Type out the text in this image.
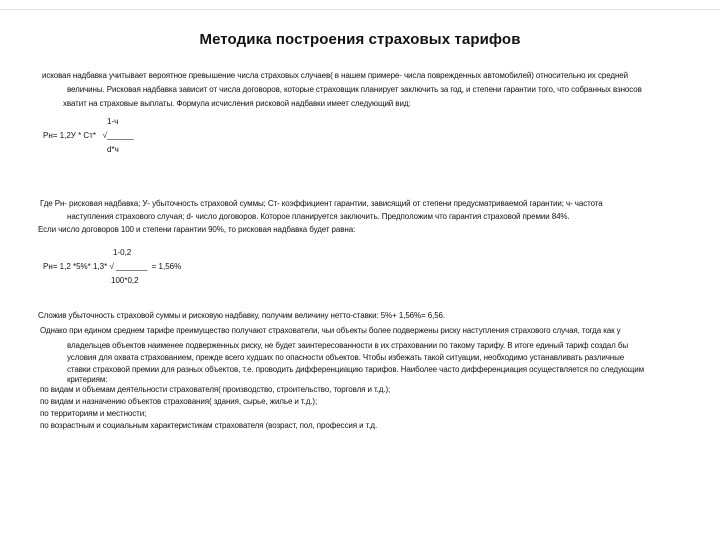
Методика построения страховых тарифов
исковая надбавка учитывает вероятное превышение числа страховых случаев( в нашем примере- числа поврежденных автомобилей) относительно их средней
величины. Рисковая надбавка зависит от числа договоров, которые страховщик планирует заключить за год, и степени гарантии того, что собранных взносов
хватит на страховые выплаты. Формула исчисления рисковой надбавки имеет следующий вид:
1-ч
Рн= 1,2У * Ст*   √______
d*ч
Где Рн- рисковая надбавка; У- убыточность страховой суммы; Ст- коэффициент гарантии, зависящий от степени предусматриваемой гарантии; ч- частота
наступления страхового случая; d- число договоров. Которое планируется заключить. Предположим что гарантия страховой премии 84%.
Если число договоров 100 и степени гарантии 90%, то рисковая надбавка будет равна:
1-0,2
Рн= 1,2 *5%* 1,3* √ _______  = 1,56%
100*0,2
Сложив убыточность страховой суммы и рисковую надбавку, получим величину нетто-ставки: 5%+ 1,56%= 6,56.
Однако при едином среднем тарифе преимущество получают страхователи, чьи объекты более подвержены риску наступления страхового случая, тогда как у
владельцев объектов наименее подверженных риску, не будет заинтересованности в их страховании по такому тарифу. В итоге единый тариф создал бы
условия для охвата страхованием, прежде всего худших по опасности объектов. Чтобы избежать такой ситуации, необходимо устанавливать различные
ставки страховой премии для разных объектов, т.е. проводить дифференциацию тарифов. Наиболее часто дифференциация осуществляется по следующим
критериям:
по видам и объемам деятельности страхователя( производство, строительство, торговля и т.д.);
по видам и назначению объектов страхования( здания, сырье, жилье и т.д.);
по территориям и местности;
по возрастным и социальным характеристикам страхователя (возраст, пол, профессия и т.д.
